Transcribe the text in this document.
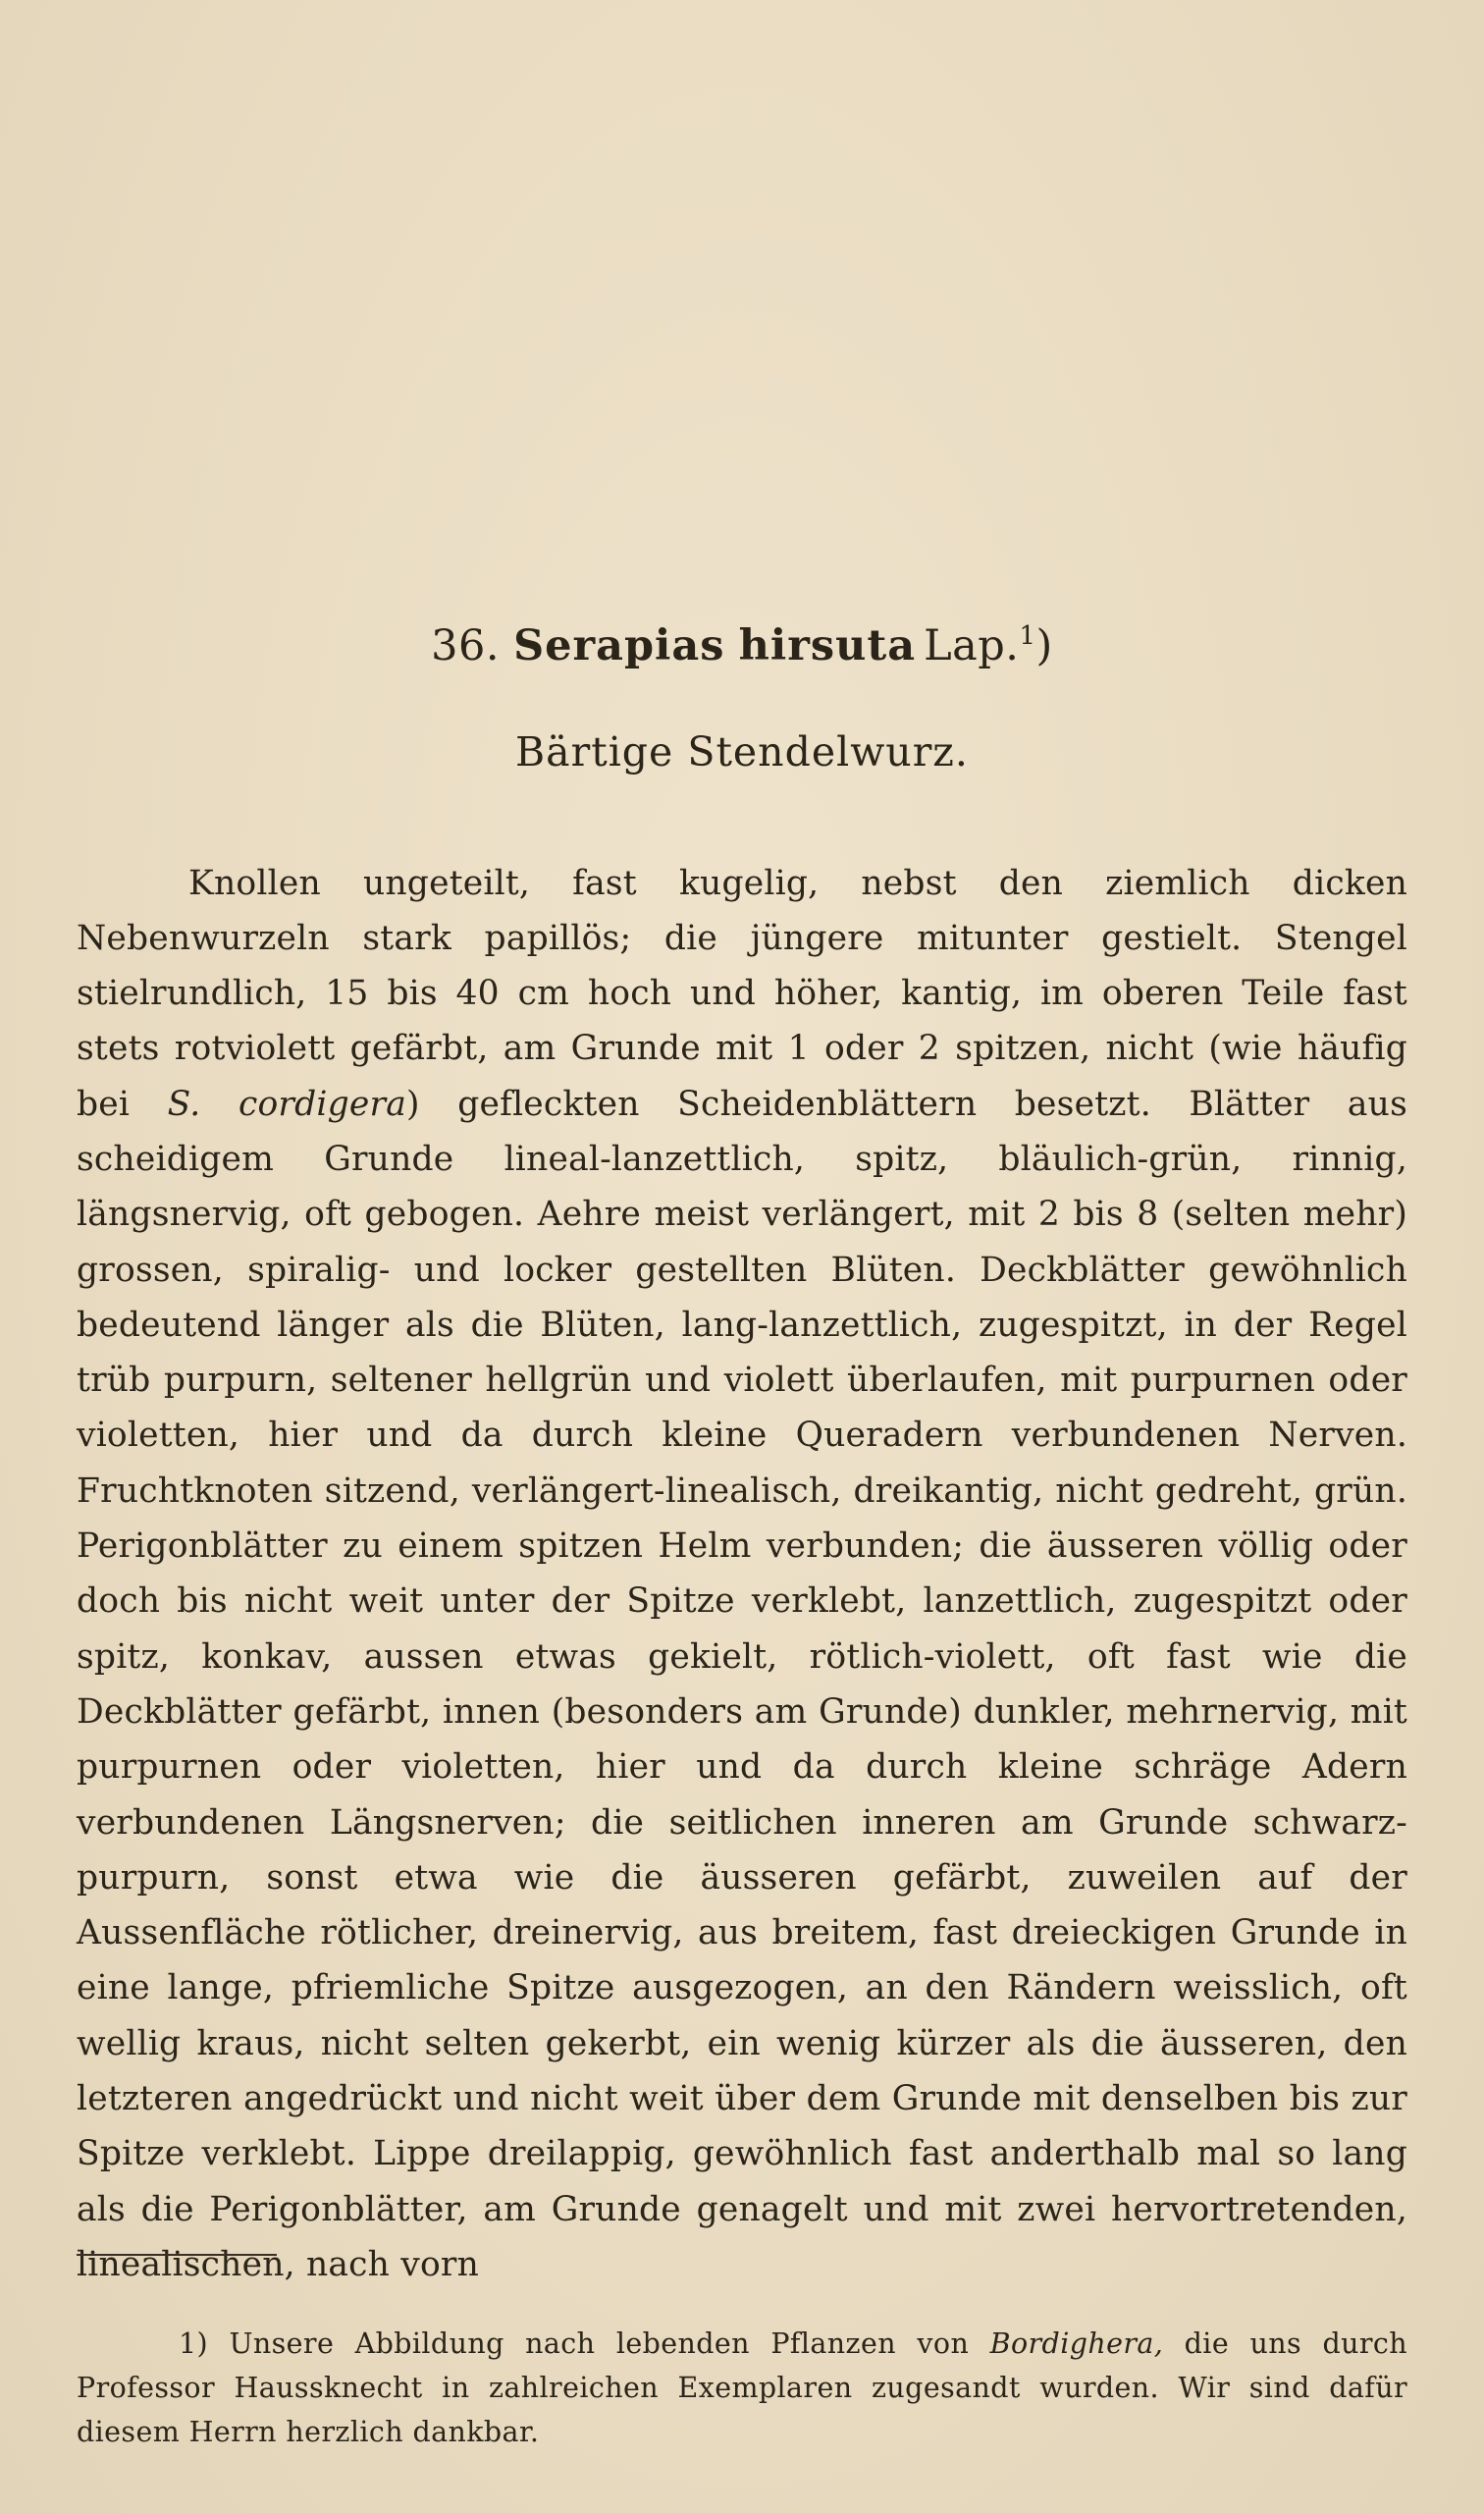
36. Serapias hirsuta Lap.$^1$)
Bärtige Stendelwurz.

Knollen ungeteilt, fast kugelig, nebst den ziemlich dicken Nebenwurzeln stark papillös; die jüngere mitunter gestielt. Stengel stielrundlich, 15 bis 40 cm hoch und höher, kantig, im oberen Teile fast stets rotviolett gefärbt, am Grunde mit 1 oder 2 spitzen, nicht (wie häufig bei S. cordigera) gefleckten Scheidenblättern besetzt. Blätter aus scheidigem Grunde lineal-lanzettlich, spitz, bläulich-grün, rinnig, längsnervig, oft gebogen. Aehre meist verlängert, mit 2 bis 8 (selten mehr) grossen, spiralig- und locker gestellten Blüten. Deckblätter gewöhnlich bedeutend länger als die Blüten, lang-lanzettlich, zugespitzt, in der Regel trüb purpurn, seltener hellgrün und violett überlaufen, mit purpurnen oder violetten, hier und da durch kleine Queradern verbundenen Nerven. Fruchtknoten sitzend, verlängert-linealisch, dreikantig, nicht gedreht, grün. Perigonblätter zu einem spitzen Helm verbunden; die äusseren völlig oder doch bis nicht weit unter der Spitze verklebt, lanzettlich, zugespitzt oder spitz, konkav, aussen etwas gekielt, rötlich-violett, oft fast wie die Deckblätter gefärbt, innen (besonders am Grunde) dunkler, mehrnervig, mit purpurnen oder violetten, hier und da durch kleine schräge Adern verbundenen Längsnerven; die seitlichen inneren am Grunde schwarz-purpurn, sonst etwa wie die äusseren gefärbt, zuweilen auf der Aussenfläche rötlicher, dreinervig, aus breitem, fast dreieckigen Grunde in eine lange, pfriemliche Spitze ausgezogen, an den Rändern weisslich, oft wellig kraus, nicht selten gekerbt, ein wenig kürzer als die äusseren, den letzteren angedrückt und nicht weit über dem Grunde mit denselben bis zur Spitze verklebt. Lippe dreilappig, gewöhnlich fast anderthalb mal so lang als die Perigonblätter, am Grunde genagelt und mit zwei hervortretenden, linealischen, nach vorn

1) Unsere Abbildung nach lebenden Pflanzen von Bordighera, die uns durch Professor Haussknecht in zahlreichen Exemplaren zugesandt wurden. Wir sind dafür diesem Herrn herzlich dankbar.
